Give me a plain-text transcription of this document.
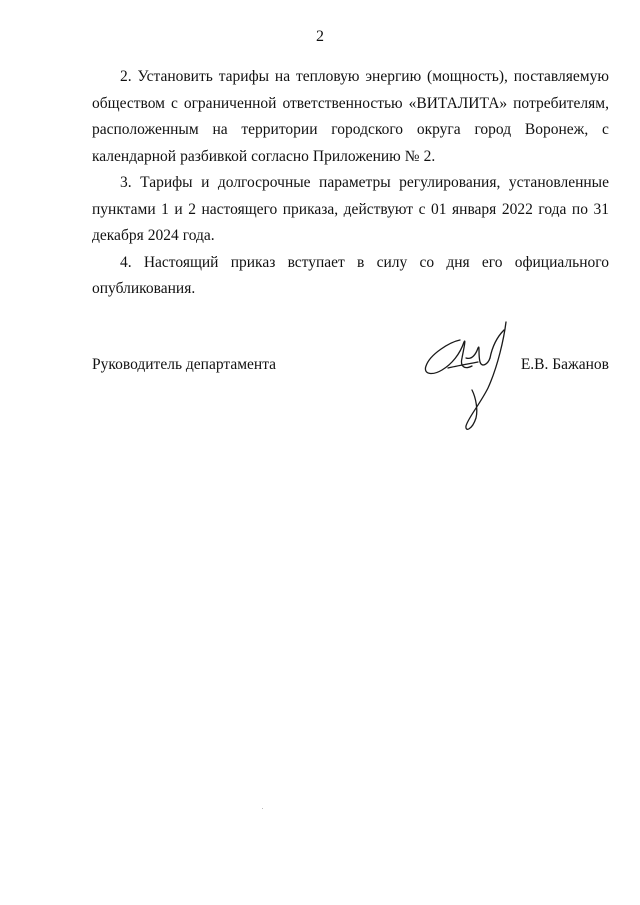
2
2. Установить тарифы на тепловую энергию (мощность), поставляемую
обществом с ограниченной ответственностью «ВИТАЛИТА» потребителям,
расположенным на территории городского округа город Воронеж, с
календарной разбивкой согласно Приложению № 2.
3. Тарифы и долгосрочные параметры регулирования, установленные
пунктами 1 и 2 настоящего приказа, действуют с 01 января 2022 года по 31
декабря 2024 года.
4. Настоящий приказ вступает в силу со дня его официального
опубликования.
Руководитель департамента	Е.В. Бажанов
